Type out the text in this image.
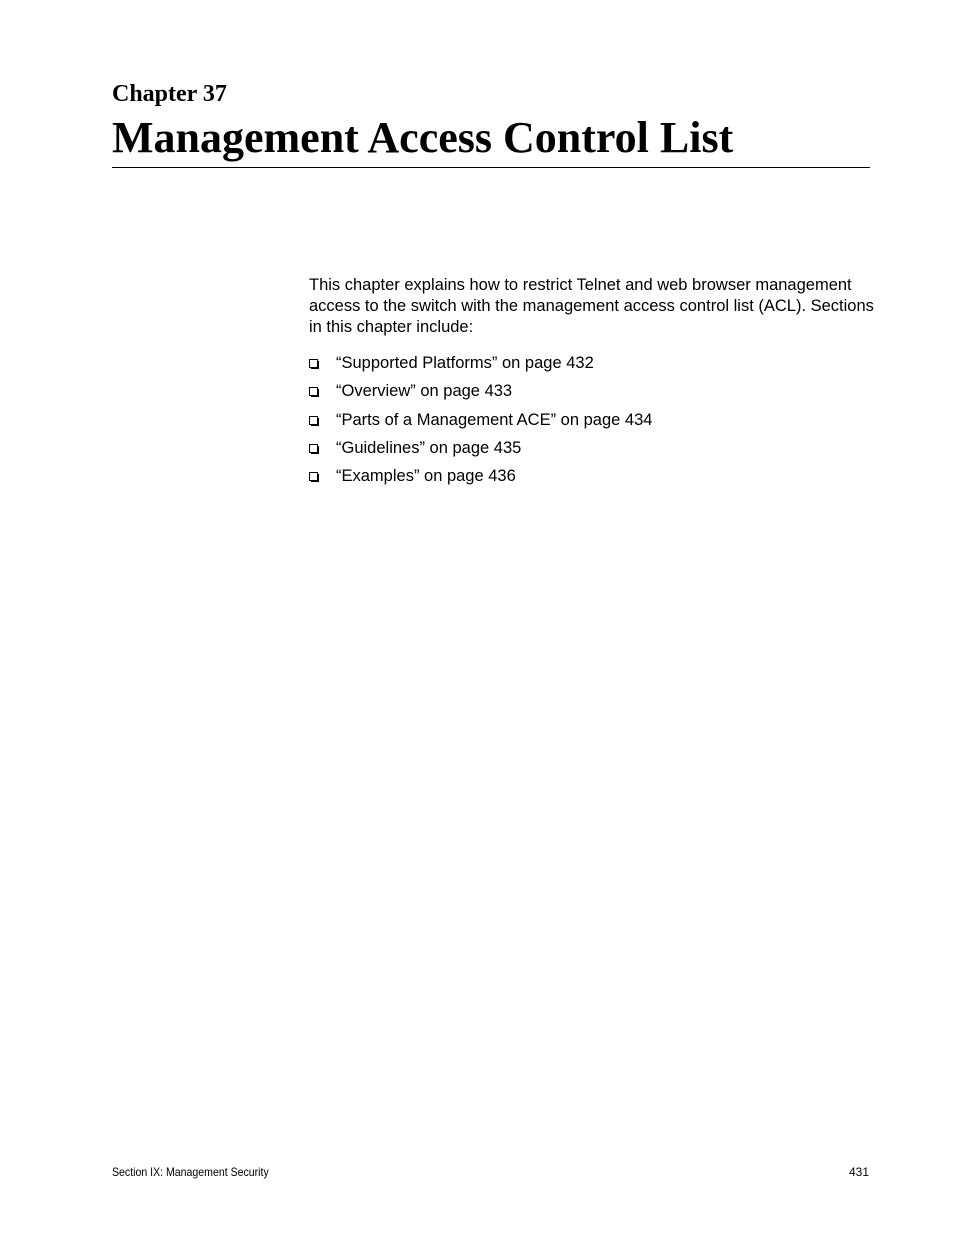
Chapter 37
Management Access Control List

This chapter explains how to restrict Telnet and web browser management access to the switch with the management access control list (ACL). Sections in this chapter include:

“Supported Platforms” on page 432
“Overview” on page 433
“Parts of a Management ACE” on page 434
“Guidelines” on page 435
“Examples” on page 436
Section IX: Management Security	431
